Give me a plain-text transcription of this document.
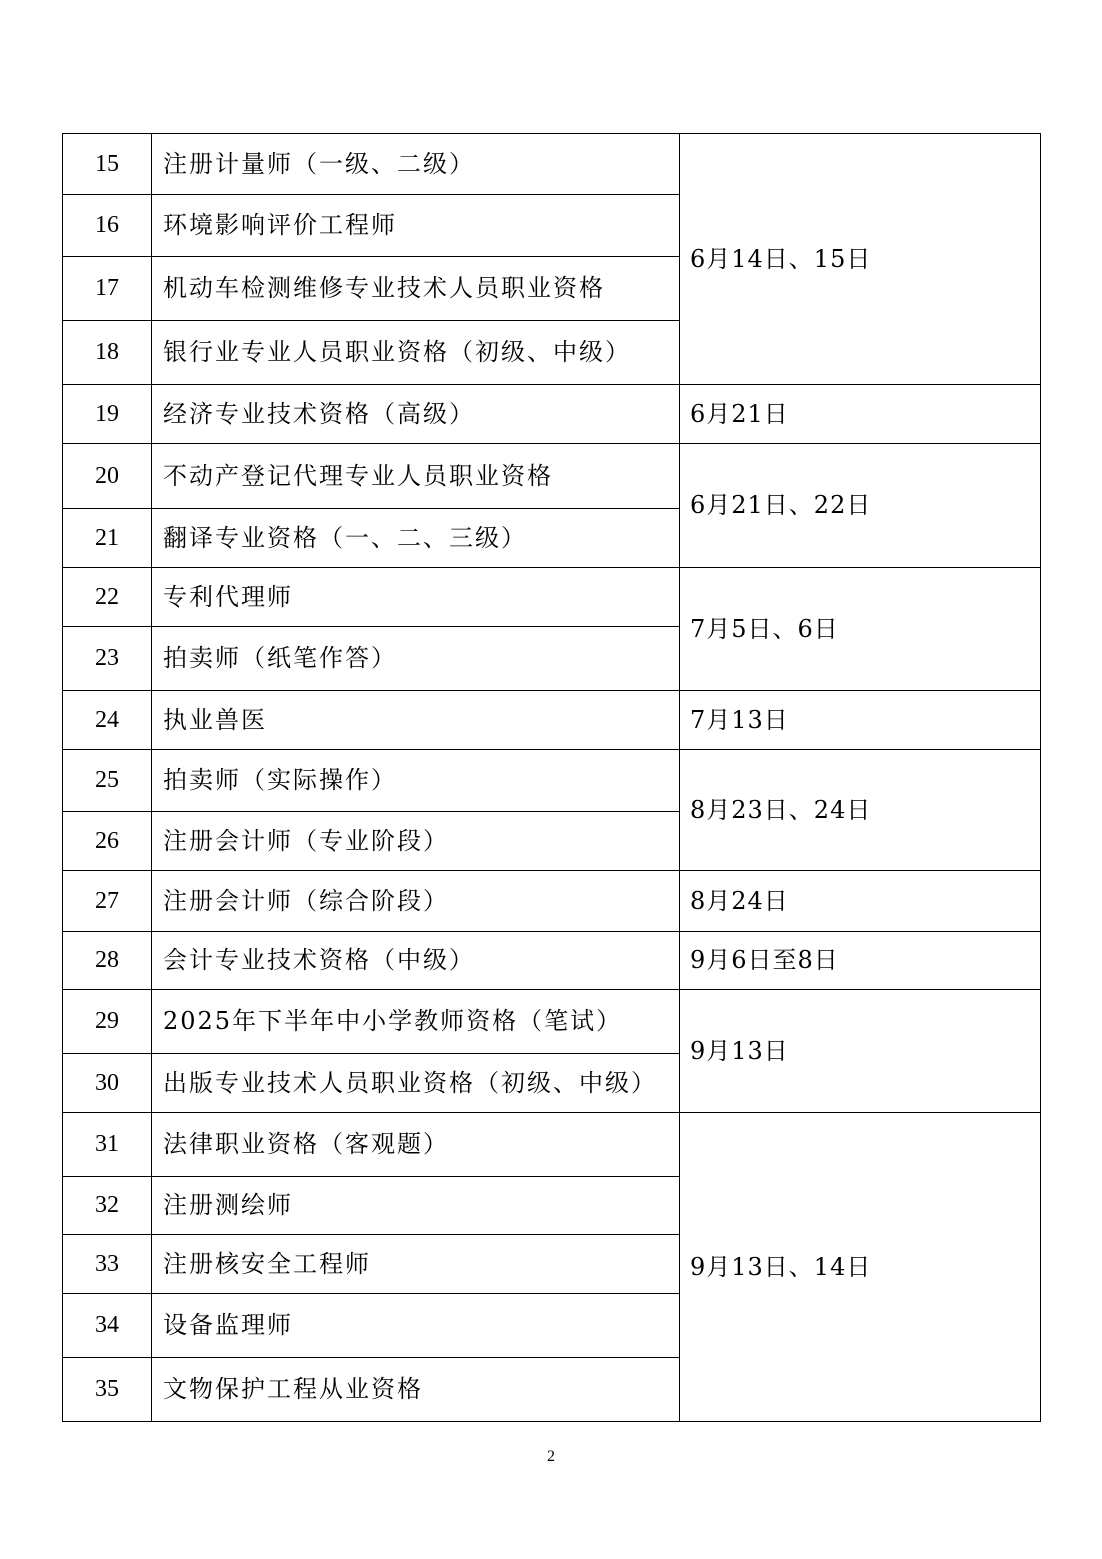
15	注册计量师（一级、二级）	6月14日、15日
16	环境影响评价工程师	
17	机动车检测维修专业技术人员职业资格	
18	银行业专业人员职业资格（初级、中级）	
19	经济专业技术资格（高级）	6月21日
20	不动产登记代理专业人员职业资格	6月21日、22日
21	翻译专业资格（一、二、三级）	
22	专利代理师	7月5日、6日
23	拍卖师（纸笔作答）	
24	执业兽医	7月13日
25	拍卖师（实际操作）	8月23日、24日
26	注册会计师（专业阶段）	
27	注册会计师（综合阶段）	8月24日
28	会计专业技术资格（中级）	9月6日至8日
29	2025年下半年中小学教师资格（笔试）	9月13日
30	出版专业技术人员职业资格（初级、中级）	
31	法律职业资格（客观题）	9月13日、14日
32	注册测绘师	
33	注册核安全工程师	
34	设备监理师	
35	文物保护工程从业资格	
2
